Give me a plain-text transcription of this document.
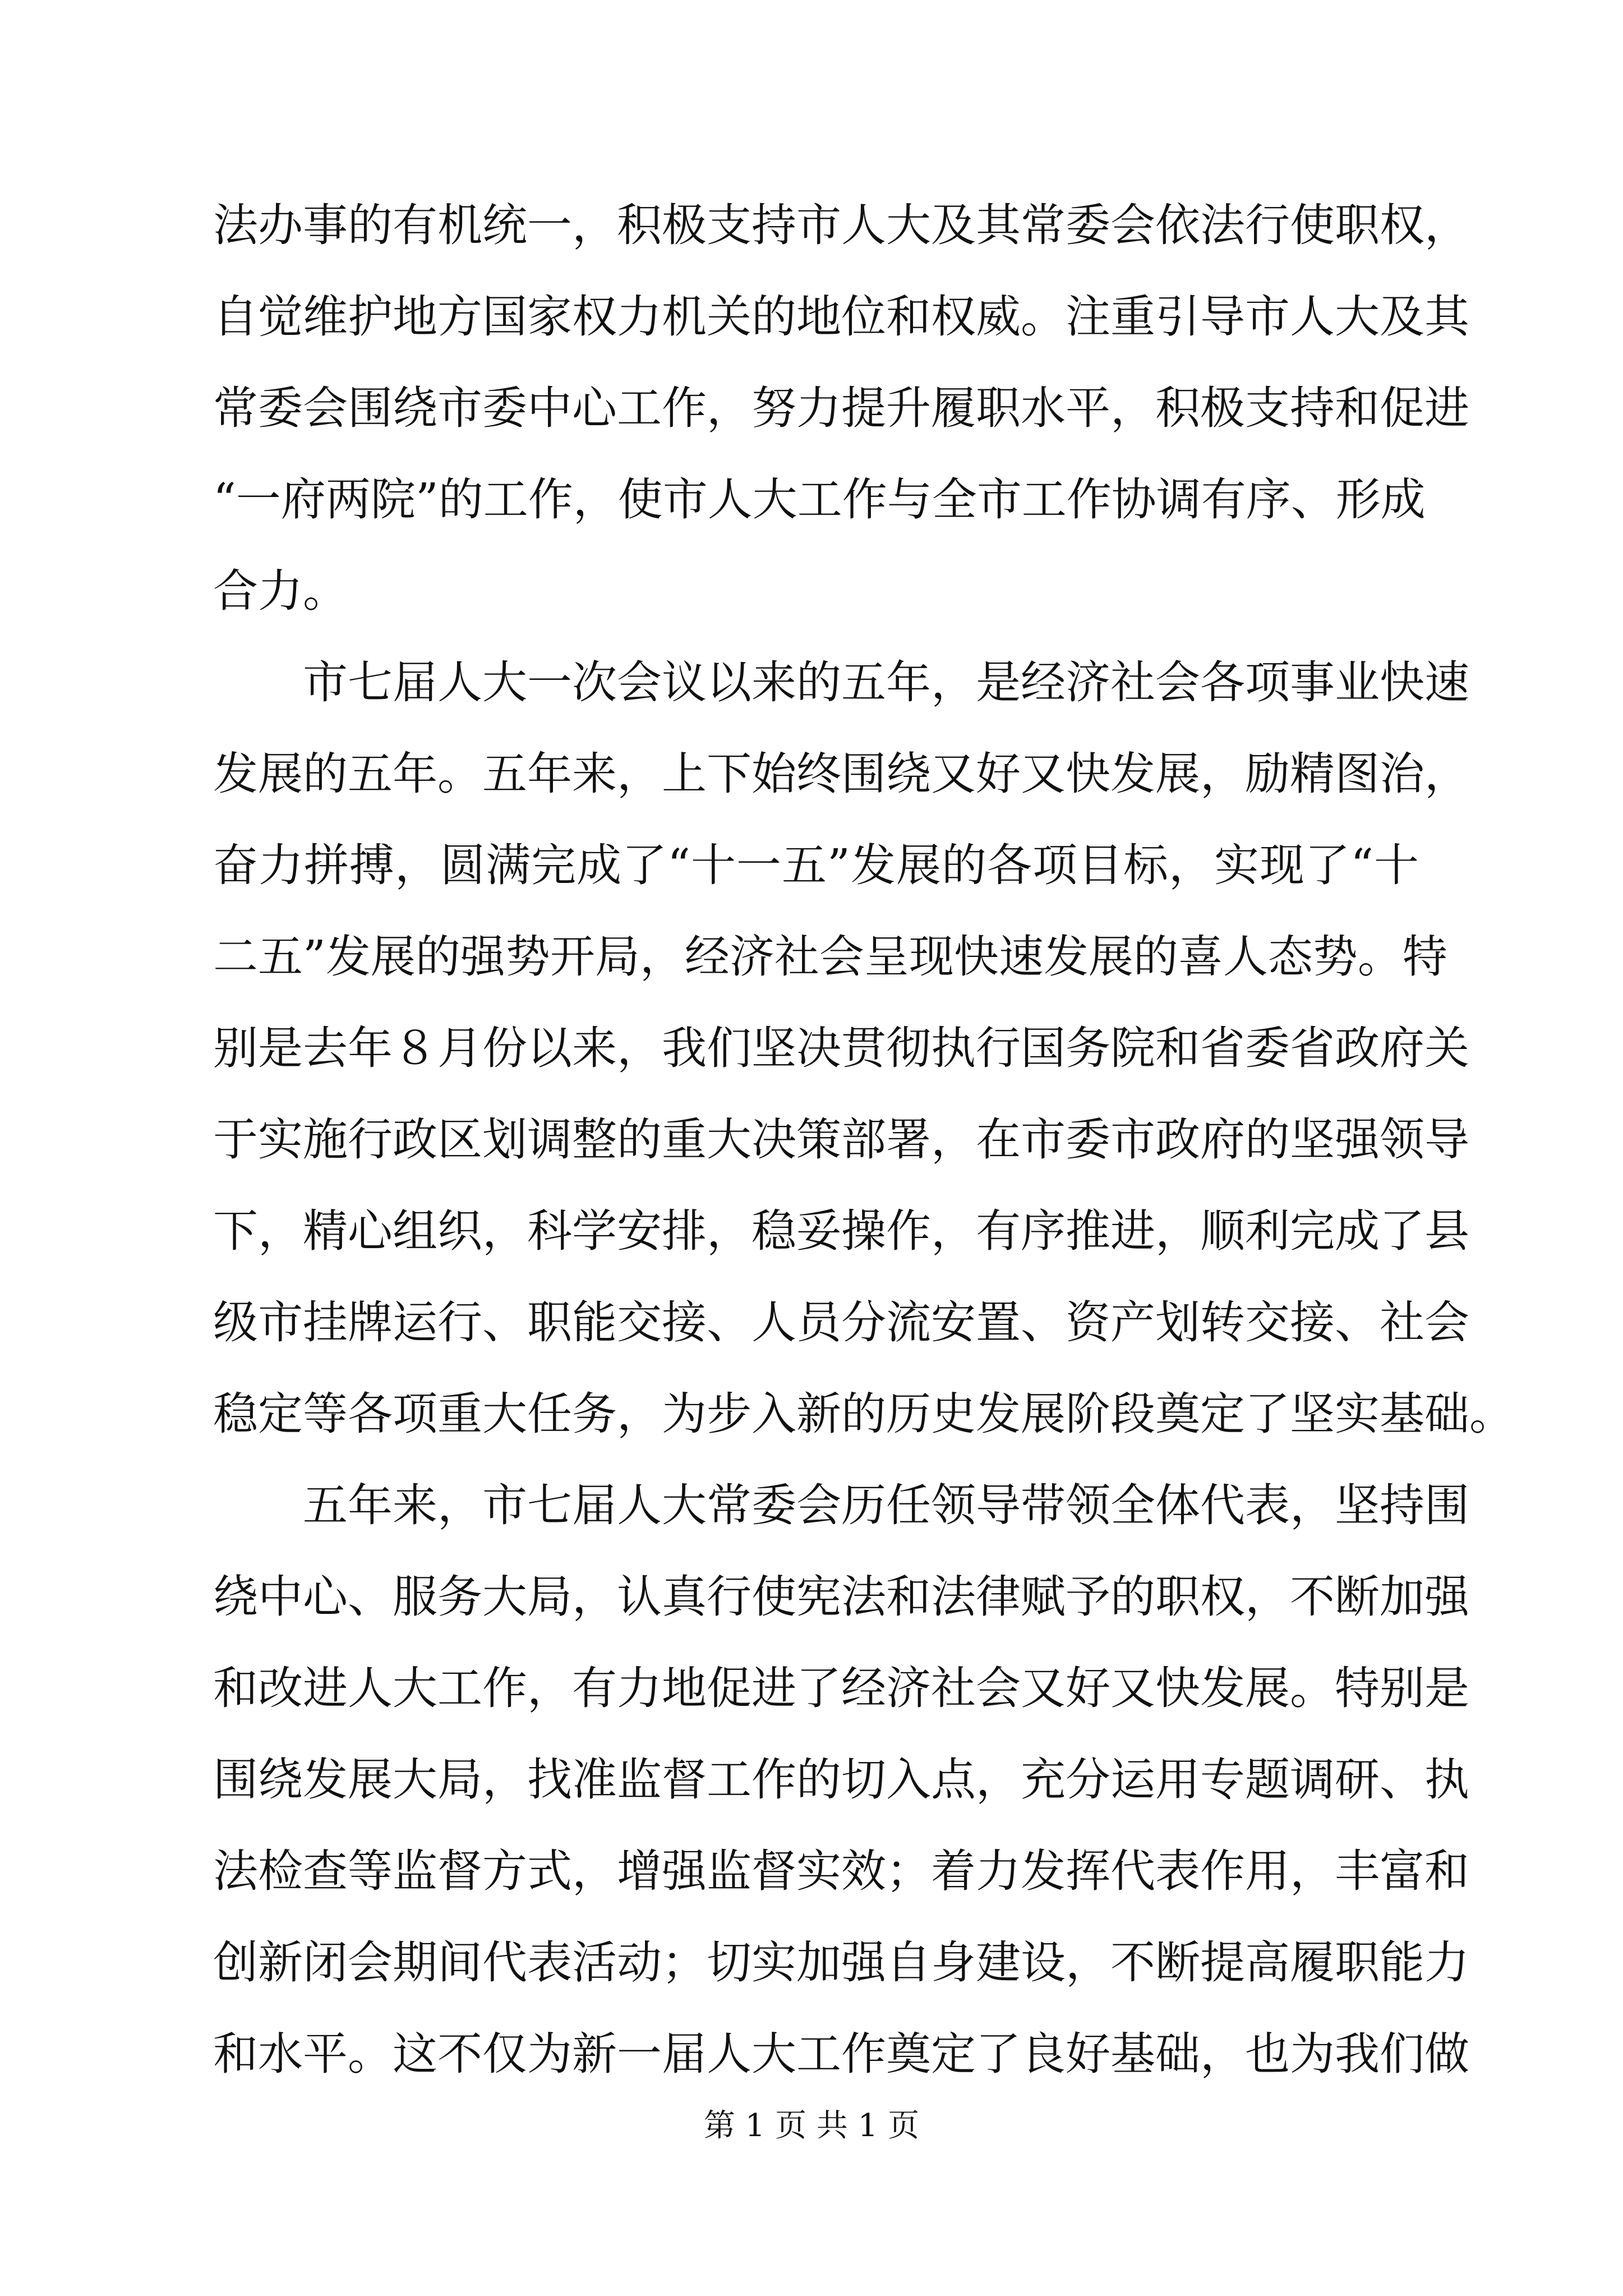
法办事的有机统一，积极支持市人大及其常委会依法行使职权，
自觉维护地方国家权力机关的地位和权威。注重引导市人大及其
常委会围绕市委中心工作，努力提升履职水平，积极支持和促进
“一府两院”的工作，使市人大工作与全市工作协调有序、形成
合力。
　　市七届人大一次会议以来的五年，是经济社会各项事业快速
发展的五年。五年来，上下始终围绕又好又快发展，励精图治，
奋力拼搏，圆满完成了“十一五”发展的各项目标，实现了“十
二五”发展的强势开局，经济社会呈现快速发展的喜人态势。特
别是去年８月份以来，我们坚决贯彻执行国务院和省委省政府关
于实施行政区划调整的重大决策部署，在市委市政府的坚强领导
下，精心组织，科学安排，稳妥操作，有序推进，顺利完成了县
级市挂牌运行、职能交接、人员分流安置、资产划转交接、社会
稳定等各项重大任务，为步入新的历史发展阶段奠定了坚实基础。
　　五年来，市七届人大常委会历任领导带领全体代表，坚持围
绕中心、服务大局，认真行使宪法和法律赋予的职权，不断加强
和改进人大工作，有力地促进了经济社会又好又快发展。特别是
围绕发展大局，找准监督工作的切入点，充分运用专题调研、执
法检查等监督方式，增强监督实效；着力发挥代表作用，丰富和
创新闭会期间代表活动；切实加强自身建设，不断提高履职能力
和水平。这不仅为新一届人大工作奠定了良好基础，也为我们做
第 1 页 共 1 页
